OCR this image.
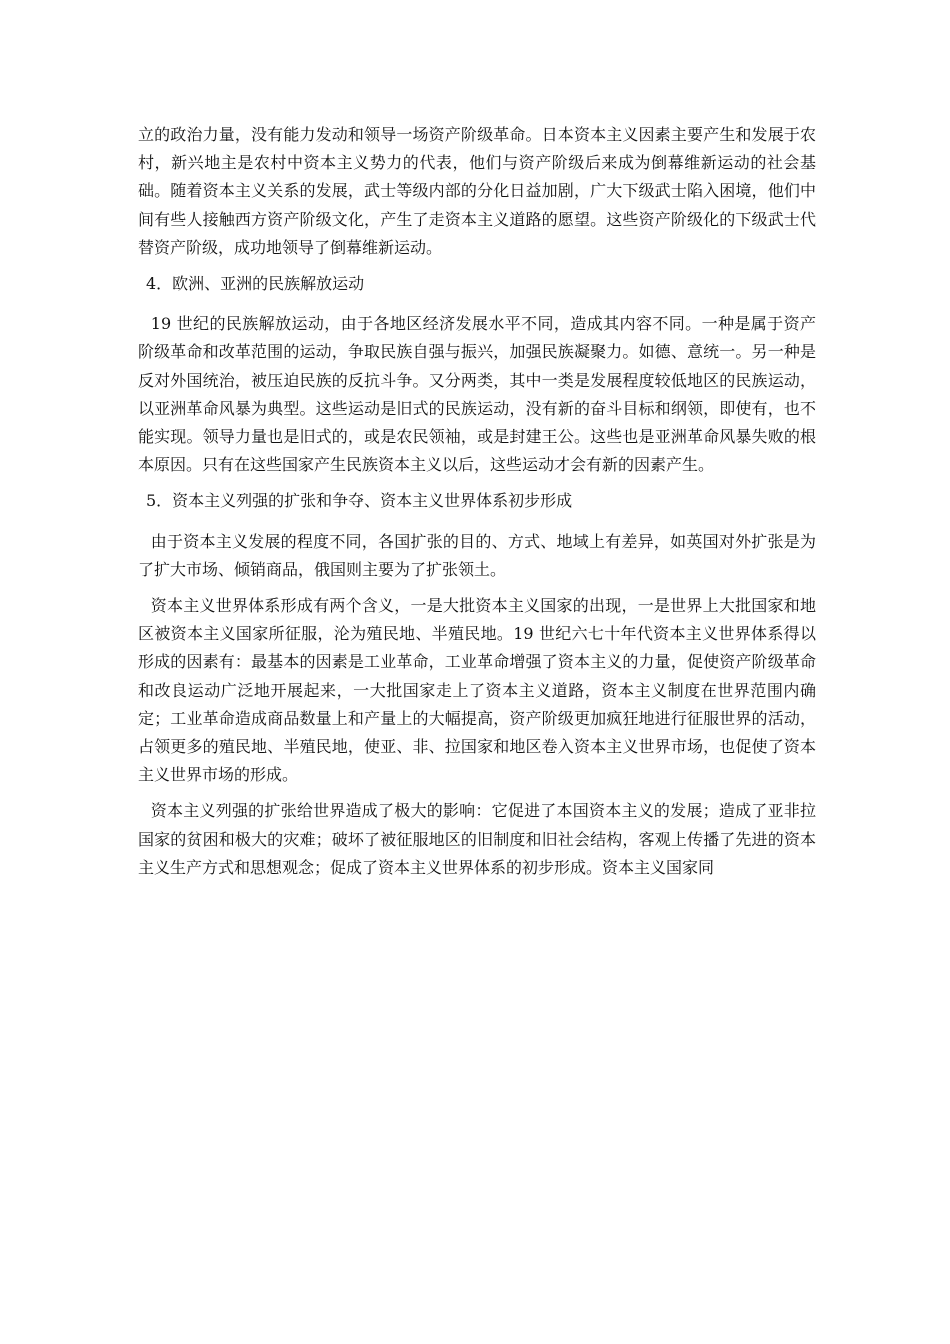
立的政治力量，没有能力发动和领导一场资产阶级革命。日本资本主义因素主要产生和发展于农村，新兴地主是农村中资本主义势力的代表，他们与资产阶级后来成为倒幕维新运动的社会基础。随着资本主义关系的发展，武士等级内部的分化日益加剧，广大下级武士陷入困境，他们中间有些人接触西方资产阶级文化，产生了走资本主义道路的愿望。这些资产阶级化的下级武士代替资产阶级，成功地领导了倒幕维新运动。

4．欧洲、亚洲的民族解放运动

19 世纪的民族解放运动，由于各地区经济发展水平不同，造成其内容不同。一种是属于资产阶级革命和改革范围的运动，争取民族自强与振兴，加强民族凝聚力。如德、意统一。另一种是反对外国统治，被压迫民族的反抗斗争。又分两类，其中一类是发展程度较低地区的民族运动，以亚洲革命风暴为典型。这些运动是旧式的民族运动，没有新的奋斗目标和纲领，即使有，也不能实现。领导力量也是旧式的，或是农民领袖，或是封建王公。这些也是亚洲革命风暴失败的根本原因。只有在这些国家产生民族资本主义以后，这些运动才会有新的因素产生。

5．资本主义列强的扩张和争夺、资本主义世界体系初步形成

由于资本主义发展的程度不同，各国扩张的目的、方式、地域上有差异，如英国对外扩张是为了扩大市场、倾销商品，俄国则主要为了扩张领土。

资本主义世界体系形成有两个含义，一是大批资本主义国家的出现，一是世界上大批国家和地区被资本主义国家所征服，沦为殖民地、半殖民地。19 世纪六七十年代资本主义世界体系得以形成的因素有：最基本的因素是工业革命，工业革命增强了资本主义的力量，促使资产阶级革命和改良运动广泛地开展起来，一大批国家走上了资本主义道路，资本主义制度在世界范围内确定；工业革命造成商品数量上和产量上的大幅提高，资产阶级更加疯狂地进行征服世界的活动，占领更多的殖民地、半殖民地，使亚、非、拉国家和地区卷入资本主义世界市场，也促使了资本主义世界市场的形成。

资本主义列强的扩张给世界造成了极大的影响：它促进了本国资本主义的发展；造成了亚非拉国家的贫困和极大的灾难；破坏了被征服地区的旧制度和旧社会结构，客观上传播了先进的资本主义生产方式和思想观念；促成了资本主义世界体系的初步形成。资本主义国家同
